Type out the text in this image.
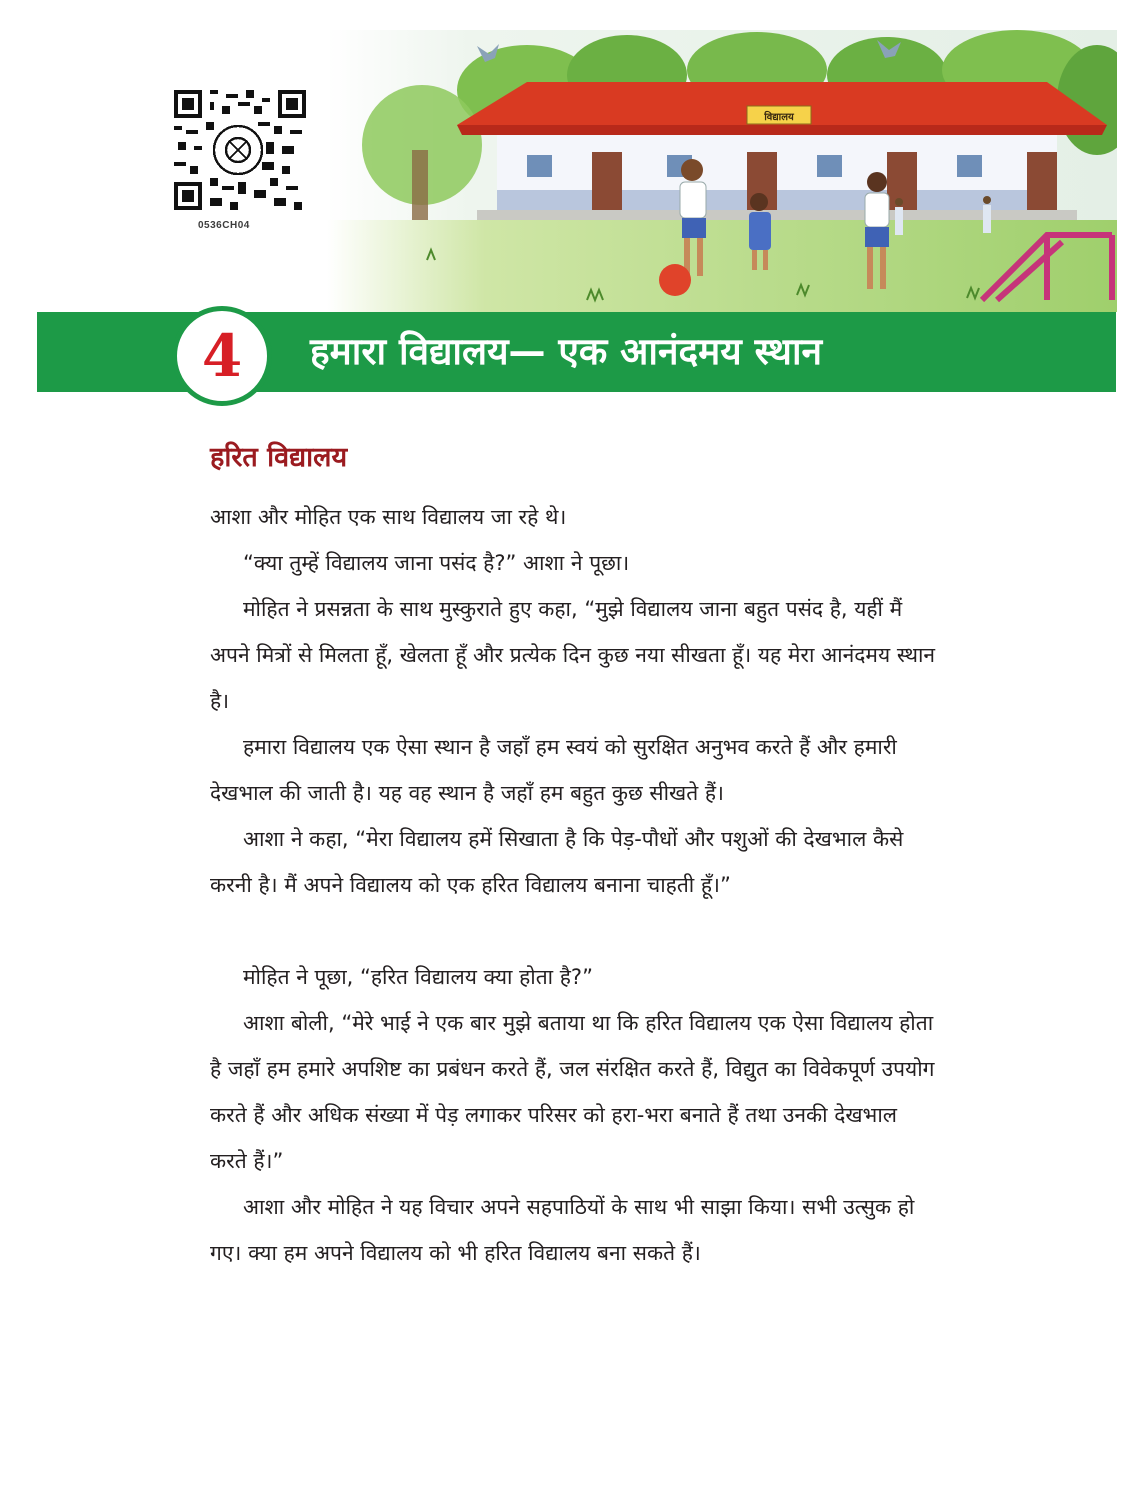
विद्यालय
0536CH04
4 हमारा विद्यालय— एक आनंदमय स्थान
हरित विद्यालय

आशा और मोहित एक साथ विद्यालय जा रहे थे।

“क्या तुम्हें विद्यालय जाना पसंद है?” आशा ने पूछा।

मोहित ने प्रसन्नता के साथ मुस्कुराते हुए कहा, “मुझे विद्यालय जाना बहुत पसंद है, यहीं मैं अपने मित्रों से मिलता हूँ, खेलता हूँ और प्रत्येक दिन कुछ नया सीखता हूँ। यह मेरा आनंदमय स्थान है।

हमारा विद्यालय एक ऐसा स्थान है जहाँ हम स्वयं को सुरक्षित अनुभव करते हैं और हमारी देखभाल की जाती है। यह वह स्थान है जहाँ हम बहुत कुछ सीखते हैं।

आशा ने कहा, “मेरा विद्यालय हमें सिखाता है कि पेड़-पौधों और पशुओं की देखभाल कैसे करनी है। मैं अपने विद्यालय को एक हरित विद्यालय बनाना चाहती हूँ।”

मोहित ने पूछा, “हरित विद्यालय क्या होता है?”

आशा बोली, “मेरे भाई ने एक बार मुझे बताया था कि हरित विद्यालय एक ऐसा विद्यालय होता है जहाँ हम हमारे अपशिष्ट का प्रबंधन करते हैं, जल संरक्षित करते हैं, विद्युत का विवेकपूर्ण उपयोग करते हैं और अधिक संख्या में पेड़ लगाकर परिसर को हरा-भरा बनाते हैं तथा उनकी देखभाल करते हैं।”

आशा और मोहित ने यह विचार अपने सहपाठियों के साथ भी साझा किया। सभी उत्सुक हो गए। क्या हम अपने विद्यालय को भी हरित विद्यालय बना सकते हैं।
